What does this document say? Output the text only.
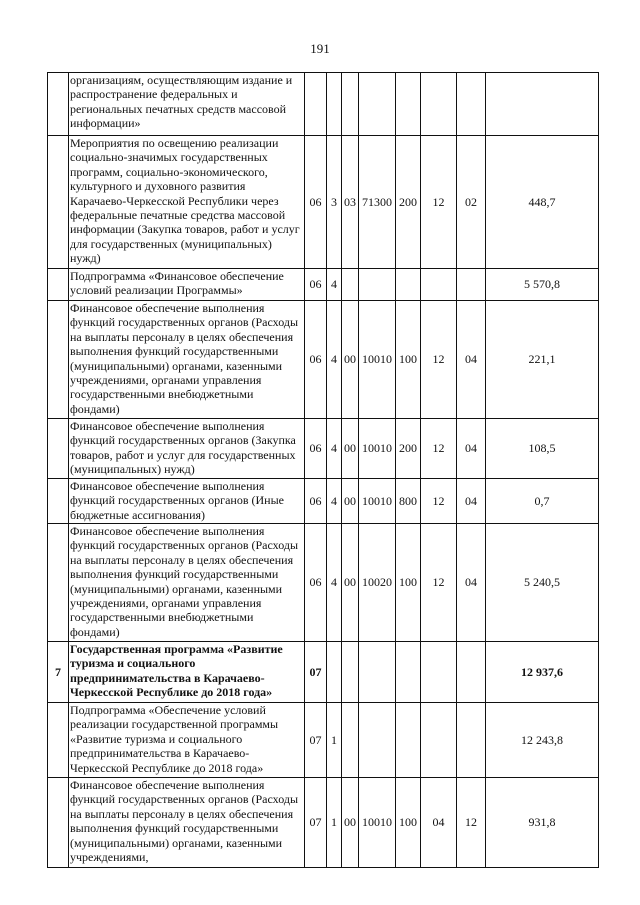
191
	организациям, осуществляющим издание и распространение федеральных и региональных печатных средств массовой информации»								
	Мероприятия по освещению реализации социально-значимых государственных программ, социально-экономического, культурного и духовного развития Карачаево-Черкесской Республики через федеральные печатные средства массовой информации (Закупка товаров, работ и услуг для государственных (муниципальных) нужд)	06	3	03	71300	200	12	02	448,7
	Подпрограмма «Финансовое обеспечение условий реализации Программы»	06	4						5 570,8
	Финансовое обеспечение выполнения функций государственных органов (Расходы на выплаты персоналу в целях обеспечения выполнения функций государственными (муниципальными) органами, казенными учреждениями, органами управления государственными внебюджетными фондами)	06	4	00	10010	100	12	04	221,1
	Финансовое обеспечение выполнения функций государственных органов (Закупка товаров, работ и услуг для государственных (муниципальных) нужд)	06	4	00	10010	200	12	04	108,5
	Финансовое обеспечение выполнения функций государственных органов (Иные бюджетные ассигнования)	06	4	00	10010	800	12	04	0,7
	Финансовое обеспечение выполнения функций государственных органов (Расходы на выплаты персоналу в целях обеспечения выполнения функций государственными (муниципальными) органами, казенными учреждениями, органами управления государственными внебюджетными фондами)	06	4	00	10020	100	12	04	5 240,5
7	Государственная программа «Развитие туризма и социального предпринимательства в Карачаево-Черкесской Республике до 2018 года»	07							12 937,6
	Подпрограмма «Обеспечение условий реализации государственной программы «Развитие туризма и социального предпринимательства в Карачаево-Черкесской Республике до 2018 года»	07	1						12 243,8
	Финансовое обеспечение выполнения функций государственных органов (Расходы на выплаты персоналу в целях обеспечения выполнения функций государственными (муниципальными) органами, казенными учреждениями,	07	1	00	10010	100	04	12	931,8
